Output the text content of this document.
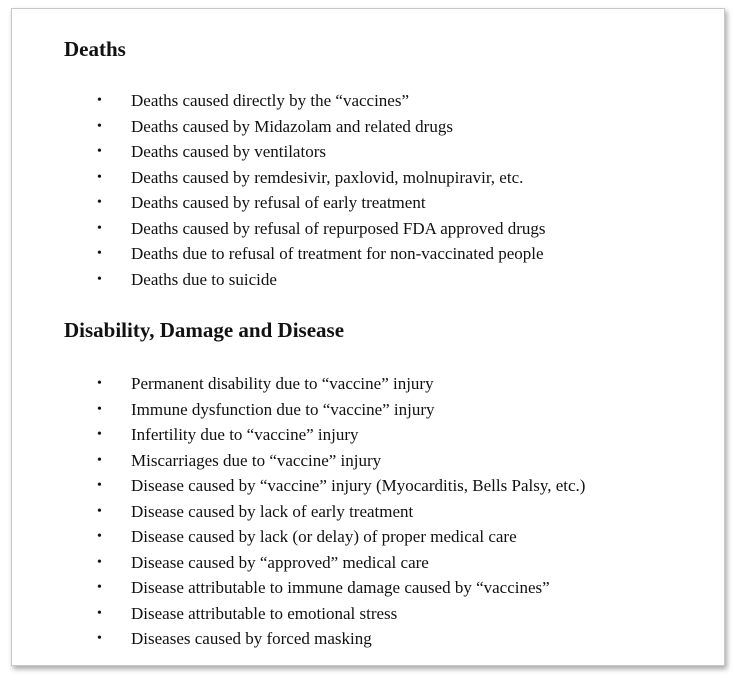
Deaths
• Deaths caused directly by the “vaccines”
• Deaths caused by Midazolam and related drugs
• Deaths caused by ventilators
• Deaths caused by remdesivir, paxlovid, molnupiravir, etc.
• Deaths caused by refusal of early treatment
• Deaths caused by refusal of repurposed FDA approved drugs
• Deaths due to refusal of treatment for non-vaccinated people
• Deaths due to suicide
Disability, Damage and Disease
• Permanent disability due to “vaccine” injury
• Immune dysfunction due to “vaccine” injury
• Infertility due to “vaccine” injury
• Miscarriages due to “vaccine” injury
• Disease caused by “vaccine” injury (Myocarditis, Bells Palsy, etc.)
• Disease caused by lack of early treatment
• Disease caused by lack (or delay) of proper medical care
• Disease caused by “approved” medical care
• Disease attributable to immune damage caused by “vaccines”
• Disease attributable to emotional stress
• Diseases caused by forced masking
